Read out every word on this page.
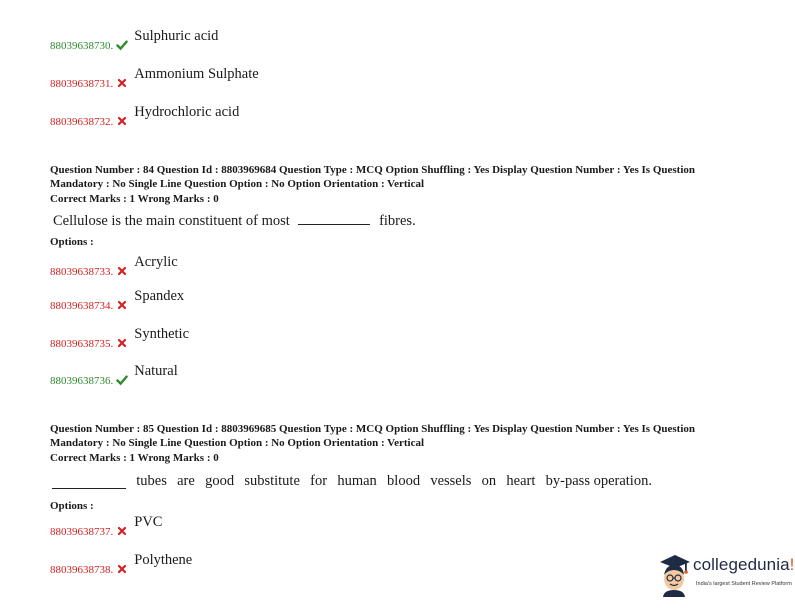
88039638730.
Sulphuric acid
88039638731.
Ammonium Sulphate
88039638732.
Hydrochloric acid
Question Number : 84 Question Id : 8803969684 Question Type : MCQ Option Shuffling : Yes Display Question Number : Yes Is Question
Mandatory : No Single Line Question Option : No Option Orientation : Vertical
Correct Marks : 1 Wrong Marks : 0
Cellulose is the main constituent of most	fibres.
Options :
88039638733.
Acrylic
88039638734.
Spandex
88039638735.
Synthetic
88039638736.
Natural
Question Number : 85 Question Id : 8803969685 Question Type : MCQ Option Shuffling : Yes Display Question Number : Yes Is Question
Mandatory : No Single Line Question Option : No Option Orientation : Vertical
Correct Marks : 1 Wrong Marks : 0
tubes are good substitute for human blood vessels on heart by-pass operation.
Options :
88039638737.
PVC
88039638738.
Polythene	collegedunia!
India's largest Student Review Platform
